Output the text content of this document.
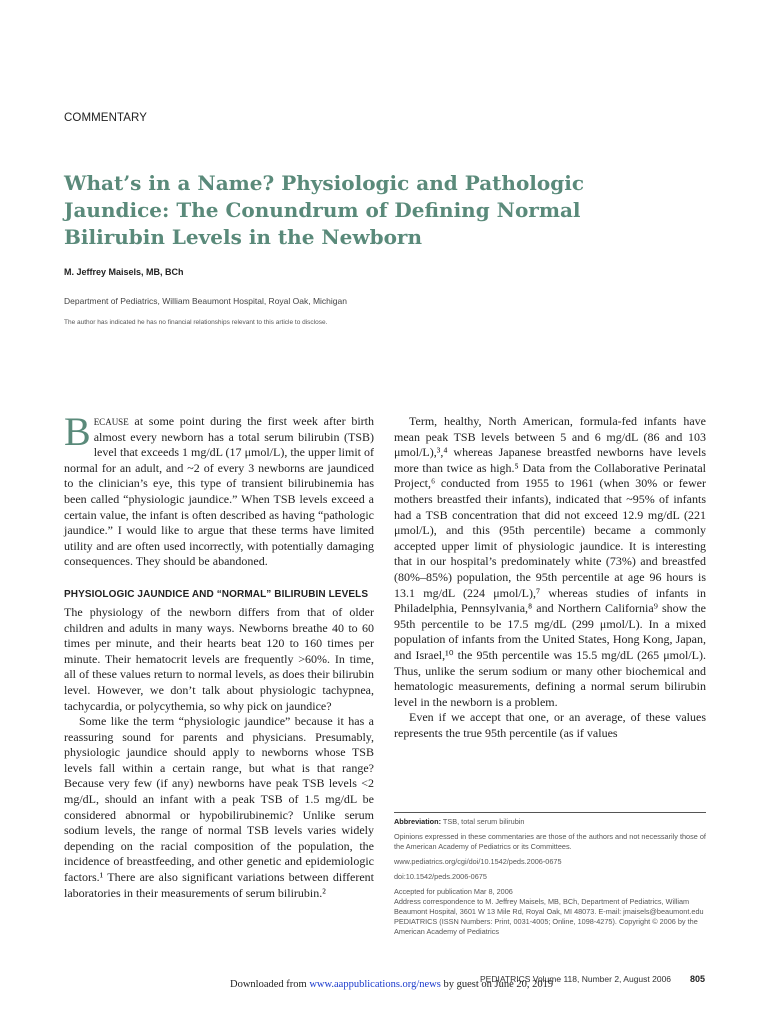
COMMENTARY
What’s in a Name? Physiologic and Pathologic Jaundice: The Conundrum of Defining Normal Bilirubin Levels in the Newborn
M. Jeffrey Maisels, MB, BCh
Department of Pediatrics, William Beaumont Hospital, Royal Oak, Michigan
The author has indicated he has no financial relationships relevant to this article to disclose.

Because at some point during the first week after birth almost every newborn has a total serum bilirubin (TSB) level that exceeds 1 mg/dL (17 μmol/L), the upper limit of normal for an adult, and ~2 of every 3 newborns are jaundiced to the clinician’s eye, this type of transient bilirubinemia has been called “physiologic jaundice.” When TSB levels exceed a certain value, the infant is often described as having “pathologic jaundice.” I would like to argue that these terms have limited utility and are often used incorrectly, with potentially damaging consequences. They should be abandoned.

PHYSIOLOGIC JAUNDICE AND “NORMAL” BILIRUBIN LEVELS

The physiology of the newborn differs from that of older children and adults in many ways. Newborns breathe 40 to 60 times per minute, and their hearts beat 120 to 160 times per minute. Their hematocrit levels are frequently >60%. In time, all of these values return to normal levels, as does their bilirubin level. However, we don’t talk about physiologic tachypnea, tachycardia, or polycythemia, so why pick on jaundice?

Some like the term “physiologic jaundice” because it has a reassuring sound for parents and physicians. Presumably, physiologic jaundice should apply to newborns whose TSB levels fall within a certain range, but what is that range? Because very few (if any) newborns have peak TSB levels <2 mg/dL, should an infant with a peak TSB of 1.5 mg/dL be considered abnormal or hypobilirubinemic? Unlike serum sodium levels, the range of normal TSB levels varies widely depending on the racial composition of the population, the incidence of breastfeeding, and other genetic and epidemiologic factors.¹ There are also significant variations between different laboratories in their measurements of serum bilirubin.²

Term, healthy, North American, formula-fed infants have mean peak TSB levels between 5 and 6 mg/dL (86 and 103 μmol/L),³,⁴ whereas Japanese breastfed newborns have levels more than twice as high.⁵ Data from the Collaborative Perinatal Project,⁶ conducted from 1955 to 1961 (when 30% or fewer mothers breastfed their infants), indicated that ~95% of infants had a TSB concentration that did not exceed 12.9 mg/dL (221 μmol/L), and this (95th percentile) became a commonly accepted upper limit of physiologic jaundice. It is interesting that in our hospital’s predominately white (73%) and breastfed (80%–85%) population, the 95th percentile at age 96 hours is 13.1 mg/dL (224 μmol/L),⁷ whereas studies of infants in Philadelphia, Pennsylvania,⁸ and Northern California⁹ show the 95th percentile to be 17.5 mg/dL (299 μmol/L). In a mixed population of infants from the United States, Hong Kong, Japan, and Israel,¹⁰ the 95th percentile was 15.5 mg/dL (265 μmol/L). Thus, unlike the serum sodium or many other biochemical and hematologic measurements, defining a normal serum bilirubin level in the newborn is a problem.

Even if we accept that one, or an average, of these values represents the true 95th percentile (as if values

Abbreviation: TSB, total serum bilirubin
Opinions expressed in these commentaries are those of the authors and not necessarily those of the American Academy of Pediatrics or its Committees.
www.pediatrics.org/cgi/doi/10.1542/peds.2006-0675
doi:10.1542/peds.2006-0675
Accepted for publication Mar 8, 2006
Address correspondence to M. Jeffrey Maisels, MB, BCh, Department of Pediatrics, William Beaumont Hospital, 3601 W 13 Mile Rd, Royal Oak, MI 48073. E-mail: jmaisels@beaumont.edu
PEDIATRICS (ISSN Numbers: Print, 0031-4005; Online, 1098-4275). Copyright © 2006 by the American Academy of Pediatrics
PEDIATRICS Volume 118, Number 2, August 2006 805
Downloaded from www.aappublications.org/news by guest on June 20, 2019
